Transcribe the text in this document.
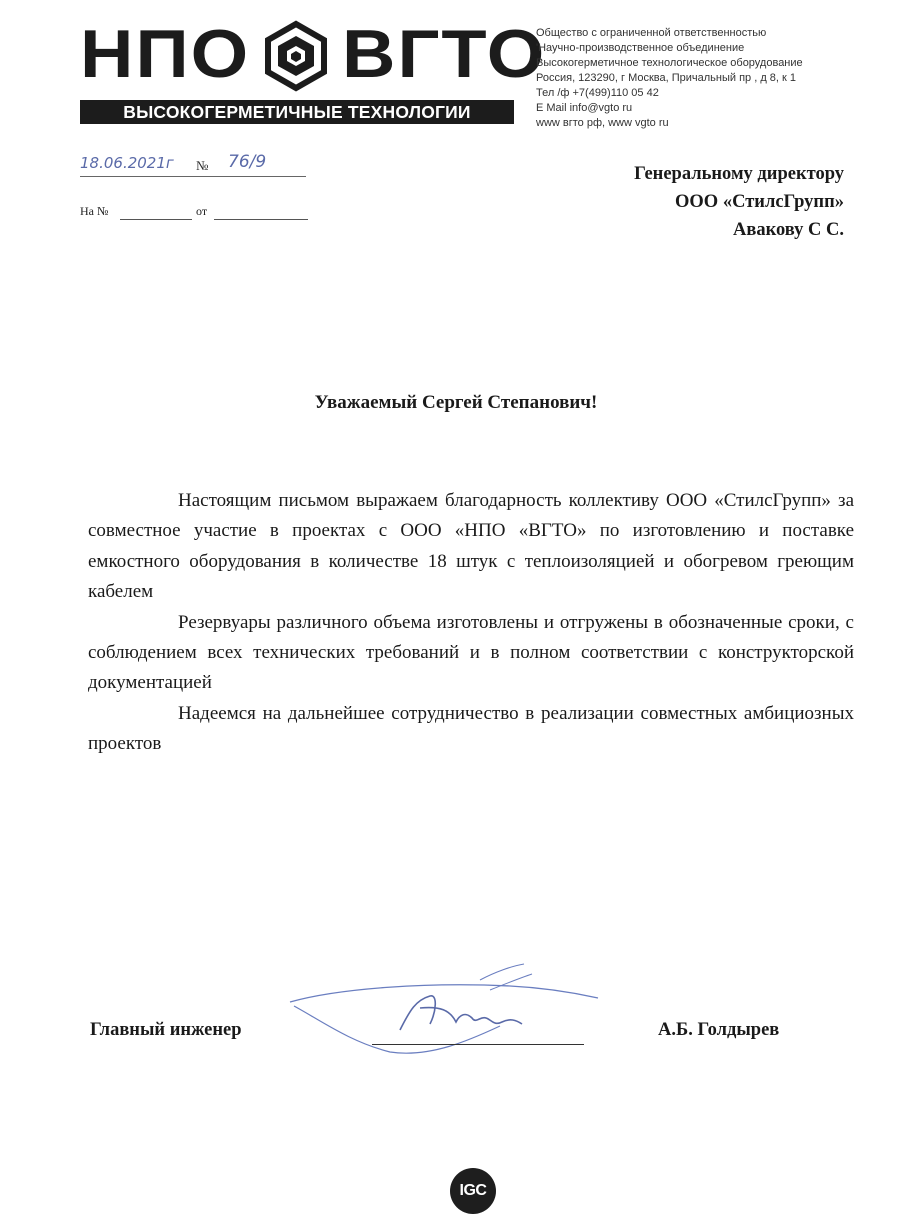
НПО ВГТО
ВЫСОКОГЕРМЕТИЧНЫЕ ТЕХНОЛОГИИ
Общество с ограниченной ответственностью
'Научно-производственное объединение
Высокогерметичное технологическое оборудование
Россия, 123290, г Москва, Причальный пр , д 8, к 1
Тел /ф +7(499)110 05 42
E Mail info@vgto ru
www вгто рф, www vgto ru
18.06.2021г № 76/9
На №	от
Генеральному директору
ООО «СтилсГрупп»
Авакову С С.
Уважаемый Сергей Степанович!

Настоящим письмом выражаем благодарность коллективу ООО «СтилсГрупп» за совместное участие в проектах с ООО «НПО «ВГТО» по изготовлению и поставке емкостного оборудования в количестве 18 штук с теплоизоляцией и обогревом греющим кабелем

Резервуары различного объема изготовлены и отгружены в обозначенные сроки, с соблюдением всех технических требований и в полном соответствии с конструкторской документацией

Надеемся на дальнейшее сотрудничество в реализации совместных амбициозных проектов

Главный инженер	А.Б. Голдырев
IGC
